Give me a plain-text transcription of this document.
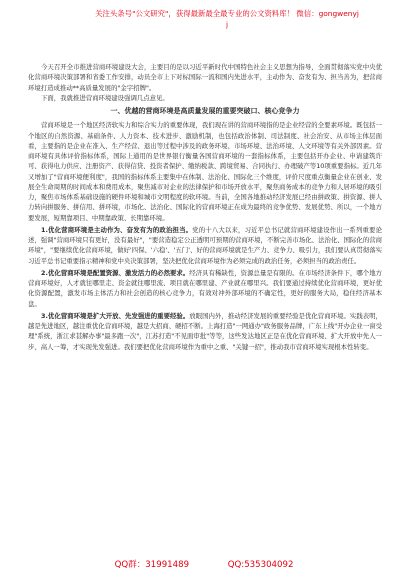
关注头条号"公文研究"，获得最新最全最专业的公文资料库！ 微信：gongwenyj
j

今天召开全市推进营商环境建设大会，主要目的是以习近平新时代中国特色社会主义思想为指导，全面贯彻落实党中央优化营商环境决策部署和省委工作安排，动员全市上下对标国际一流和国内先进水平，主动作为、奋发有为、担当善为，把营商环境打造成推动**高质量发展的"金字招牌"。

下面，我就推进营商环境建设强调几点意见。

一、优越的营商环境是高质量发展的重要突破口、核心竞争力

营商环境是一个地区经济软实力和综合实力的重要体现，我们现在讲的营商环境指的是企业经营的全要素环境。既包括一个地区的自然资源、基础条件、人力资本、技术进步、激励机制，也包括政治体制、司法制度、社会治安、从市场主体层面看，主要指的是企业在准入、生产经营、退出等过程中涉及的政务环境、市场环境、法治环境、人文环境等有关外部因素。营商环境有具体评价指标体系，国际上通用的是世界银行衡量各国营商环境的一套指标体系，主要包括开办企业、申请建筑许可、获得电力供应、注册资产、获得信贷、投资者保护、缴纳税款、跨境贸易、合同执行、办理破产等10项重要指标。近几年又增加了"营商环境便利度"，我国的指标体系主要集中在体制、法治化、国际化三个维度，评价尺度重点衡量企业在创业、发展全生命周期的时间成本和费用成本，聚焦减市对企业的法律保护和市场开放水平，聚焦商务成本的竞争力和人居环境的吸引力，聚焦市场体系基础设施的硬件环境和城市文明程度的软环境。当前，全国各地推动经济发展已经由拼政策、拼资源、拼人力转向拼服务、拼信用、拼环境，市场化、法治化、国际化的营商环境正在成为最终的竞争优势、发展优势、所以，一个地方要发展，短期靠项目、中期靠政策、长期靠环境。

1.优化营商环境是主动作为、奋发有为的政治担当。党的十八大以来，习近平总书记就营商环境建设作出一系列重要论述，强调"营商环境只有更好，没有最好"，"要营造稳定公正透明可预期的营商环境，不断完善市场化、法治化、国际化的营商环境"，"要继续优化营商环境，做好'四保、'六稳'、'五门'、好的营商环境就是生产力、竞争力、吸引力，我们要认真贯彻落实习近平总书记重要指示精神和党中央决策部署，坚决把优化营商环境作为必须完成的政治任务，必须担当的政治责任。

2.优化营商环境是配置资源、激发活力的必然要求。经济具有稀缺性，资源总量是有限的。在市场经济条件下，哪个地方营商环境好，人才就往哪里走、资金就往哪里流、项目就在哪里建、产业就在哪里兴。我们要通过持续优化营商环境，更好优化资源配置，激发市场主体活力和社会创造的核心竞争力，有效对冲外部环境的不确定性，更好的服务大局，稳住经济基本盘。

3.优化营商环境是扩大开放、先发强进的重要经验。放眼国内外，推动经济发展的重要经验是优化营商环境。实践表明，越是先进地区，越注重优化营商环境，越是大招商、硬招不断。上海打造"一网通办"政务服务品牌，广东上线"开办企业一窗受理"系统，浙江求甚解办事"最多跑一次"，江苏打造"不见面审批"等等，这些发达地区正是在优化营商环境、扩大开放中先人一步、高人一筹，才实现先发强进。我们要把优化营商环境作为重中之重、"关键一招"，推动我市营商环境实现根本性转变。

QQ群：31991489	QQ:535304092
